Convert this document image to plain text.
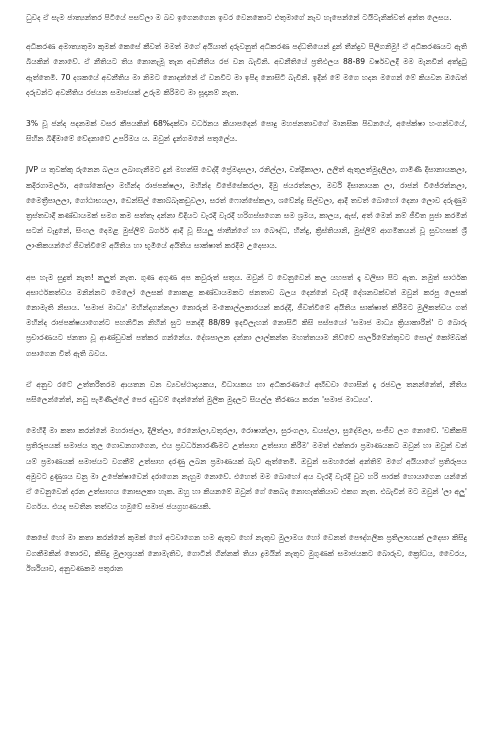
ධුවද ඒ සැම ජාත්‍යන්තර පිටියේ පසට්ලා ම බව ඉගෙනගෙන ඉවර වෙනකොට එතුමාගේ නැව හැපෙන්නේ ටයිටැනික්වත් අන්ත ලෙසය.

අධිකරණ අමාත්‍යතුමා කුමක් කෙසේ කීවත් මමත් මගේ අයියාත් දරුවනුත් අධිකරණ පද්ධතියෙන් දුන් තීන්දුව පිලිගනිමු! ඒ අධිකරණයට ඇති බියකින් නොවේ. ඒ නීතියට තිය නොනැමූ තැන අවනීතිය රජ වන බැවිනි. අවනීතියේ ප්‍රතිඵලය 88-89 වර්ෂවලදී මම මැනවින් අත්දුටු ඇත්තෙමි. 70 දශකයේ අවනීතිය මා නිමට නොදන්නේ ඒ වනවිට මා ඉපිද නොසිටි බැවිනි. ඉදින් මේ මගෙ හදන මගෙන් මේ කියවන ඔබෙත් දරුවන්ට අවනීතිය රජයන සමාජයක් උරුම කිරිමට මා සූදානම් නැත.

3% වූ ජන්ද පදනමක් වසර කීපයකින් 68%දක්වා වර්ධනය කියාපදෙන් පොදු මහජනතාවගේ මානසික පිඩනයේ, අපේක්ෂා හංගන්වයේ, සිහින බිඳීමාමේ වේදනාවේ උපරිමය ය. ඔවුන් දැන්ගමනේ පතුලේය.

JVP ය තුවක්කු රුනෙන බලය ලබාගැනීමට දුන් මහන්සි වෙද්දී ප්‍රේමදාසලා, රනිල්ලා, චන්ද්‍රිකාලා, ලලිත් ඇතුලත්මුදලිලා, ගාමිණි දිසානායකලා, කදිරගාමර්ලා, අශෝකෝලා මහින්ද රාජපක්ෂලා, මහින්ද විජේසේකරලා, දිමු ජයරත්නලා, මර්වි දිසානායක ලා, රාජන් වීජේරත්නලා, මෛත්‍රීපාලලා, ගෝඨාභයලා, ඩෙන්සිල් කොබ්බෑකඩුවලා, සරත් ෆොන්සේකලා, ශවේන්ද්‍ර සිල්වලා, ආදී තවත් බොහෝ දෙනා ලොව දරුණුම ත්‍රස්තවාදී කණ්ඩායමක් සමග කම සත්තෑ දන්නා විදියට වැරදී වැරදී හරිගස්සගෙන සම ශ්‍රමය, කාලය, ඇස්, අත් මෙන් නම් ජීවිත පුජා කරමින් සටන් වැදුනේ, සිංහල දෙමළ මුස්ලිම් බර්ගර් ආදී වූ සියලු ජාතීන්ගේ හා බෞද්ධ, හින්දු, ක්‍රිස්තියානි, මුස්ලිම් ආගමිකයන් වූ සුවහසක් ශ්‍රී ලාංකිකයන්ගේ ජීවත්වීමේ අයිතිය හා භූමියේ අයිතිය සාක්ෂාත් කරදීම උදෙසාය.

අප හැම සුදුත් නැත! කලුත් නැත. ගුණ අගුණ අප කවුරුත් සතුය. ඔවුන් ට වෙනුවෙන් කල යහපත් දෑ වලිසා පිට ඇත. නමුත් සාර්ථක අසාර්ථකත්වය මනින්නට මෙලෝ ලෙසක් නොකළ කණ්ඩායමකට ජනතාව බලය දෙන්නේ වැරදි දේශනවක්වත් ඔවුන් කරපු ලෙසක් නොමැති නිසාය. 'සමාජ මාධ්‍ය' මහින්දගන්නලා නොරුන් මංකොල්ලකාරයන් කරද්දී, ජීවත්වීමේ අයිතිය සාක්ෂාත් කිරීමට මුලිකත්වය ගත් මහින්ද රාජපක්ෂයාගෙන්ට පහනිටින නිහින් ඝුට පනද්දී 88/89 ඉදවිලැහන් නොසිටි කිසි පස්පයෝ 'සමාජ මාධ්‍ය ක්‍රියාකාරීන්' ට බොරු ප්‍රචාරණයට ජනතා වූ ආණ්ඩුවක් පත්කර ගන්නේය. දේශපාලන දන්නා ලාල්කන්ත මහත්තයාම නිව්වේ පාර්ලිමේන්තුවට පොල් කෝම්බක් ගසාගෙන විත් ඇති බවය.

ඒ අනුව රටේ උත්තරීතරම ආයතන වන ව්‍යවස්ථාදායකය, විධායකය හා අධිකරණයේ අභිඩවා ගොසින් දෑ රජවල තනන්නේත්, නීතිය පසිලෙන්නේත්, නඩු පැමිණිල්ලේ පෙර දඩුවම් දෙන්නේත් මුලික මුදලට සියල්ල තීරණය කරන 'සමාජ මාධ්‍යය'.

මෙහිදී මා කතා කරන්නේ මහරාජලා, දිලිත්ලා, රෙනෝලා,වතුරලා, රොෂාන්ලා, සුරංගලා, ඩයස්ලා, සුදේමලා, සංජීව ලග නොවේ. 'වකීකපි ප්‍රතිරූපයක් සමාජය තුල ගොඩනගාගෙන, එය ප්‍රවර්ධනාරණිමට උත්සාහ උත්සාහ කිරීම' මමත් එක්තරා ප්‍රමාණයකට ඔවුන් හා ඔවුන් වන් යම් ප්‍රමාණයක් සමාජයට වගකීම් උත්සාහ දරණු ලබන ප්‍රමාණයක් බැව් ඇත්තෙමි. ඔවුන් සමහරෙක් අන්තිම් මගේ අයියාගේ ප්‍රතිරූපය අමුවට දුණුශය වනු මා උපේක්ෂාවෙන් දරාගෙන නැහුම නොවේ. එහෙත් මම බොහෝ අය වැරදි වැරදි වුව හරි පාරක් හොයාගෙන යන්නේ ඒ වෙනුවෙන් දරන උත්සාහය නොසලකා හැක. ඔහු හා කියනමේ ඔවුන් ගේ කෙබද නොහැක්කියාව එකග නැත. එබැවින් මට ඔවුන් 'ලා අලු' වර්ගය. එයද පවතින තත්වය හමුවේ සමාජ ජයග්‍රහණයකි.

කෙසේ හෝ මා කතා කරන්නේ කුමක් හෝ අටවාගෙන හම ඇතුව හෝ නැතුව මුලාමය හෝ වෙනත් පෞද්ගලික ප්‍රතිලාභයක් ලදෙසා කිසිදු වගකීමකින් තොරව, කිසිදු මුලාශ්‍රයක් නොමැතිව, ගොටින් ගින්නක් තියා ද්‍රමයින් නැතුව මුගුණක් සමාජයකට බොරුව, ක්‍රෝධය, වෛරය, ඊර්ශියාව, අනුවණකම පතුරාන
